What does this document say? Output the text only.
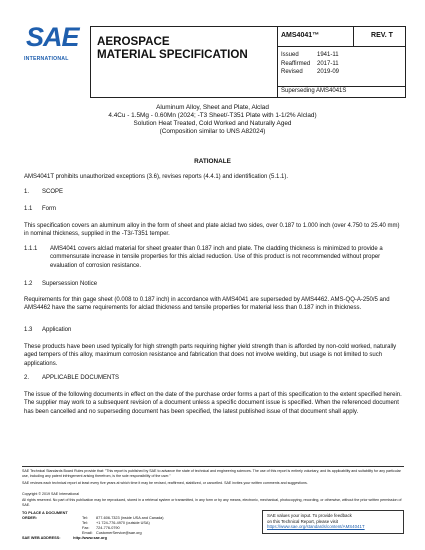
SAE
INTERNATIONAL
AEROSPACE
MATERIAL SPECIFICATION
AMS4041™	REV. T
Issued	1941-11
Reaffirmed 2017-11
Revised 2019-09
Superseding AMS4041S
Aluminum Alloy, Sheet and Plate, Alclad
4.4Cu - 1.5Mg - 0.60Mn (2024; -T3 Sheet/-T351 Plate with 1-1/2% Alclad)
Solution Heat Treated, Cold Worked and Naturally Aged
(Composition similar to UNS A82024)
RATIONALE
AMS4041T prohibits unauthorized exceptions (3.6), revises reports (4.4.1) and identification (5.1.1).
1. SCOPE
1.1 Form
This specification covers an aluminum alloy in the form of sheet and plate alclad two sides, over 0.187 to 1.000 inch (over 4.750 to 25.40 mm) in nominal thickness, supplied in the -T3/-T351 temper.
1.1.1 AMS4041 covers alclad material for sheet greater than 0.187 inch and plate. The cladding thickness is minimized to provide a commensurate increase in tensile properties for this alclad reduction. Use of this product is not recommended without proper evaluation of corrosion resistance.
1.2 Supersession Notice
Requirements for thin gage sheet (0.008 to 0.187 inch) in accordance with AMS4041 are superseded by AMS4462. AMS-QQ-A-250/5 and AMS4462 have the same requirements for alclad thickness and tensile properties for material less than 0.187 inch in thickness.
1.3 Application
These products have been used typically for high strength parts requiring higher yield strength than is afforded by non-cold worked, naturally aged tempers of this alloy, maximum corrosion resistance and fabrication that does not involve welding, but usage is not limited to such applications.
2. APPLICABLE DOCUMENTS
The issue of the following documents in effect on the date of the purchase order forms a part of this specification to the extent specified herein. The supplier may work to a subsequent revision of a document unless a specific document issue is specified. When the referenced document has been cancelled and no superseding document has been specified, the latest published issue of that document shall apply.
SAE Technical Standards Board Rules provide that: "This report is published by SAE to advance the state of technical and engineering sciences. The use of this report is entirely voluntary, and its applicability and suitability for any particular use, including any patent infringement arising therefrom, is the sole responsibility of the user."
SAE reviews each technical report at least every five years at which time it may be revised, reaffirmed, stabilized, or cancelled. SAE invites your written comments and suggestions.
Copyright © 2019 SAE International
All rights reserved. No part of this publication may be reproduced, stored in a retrieval system or transmitted, in any form or by any means, electronic, mechanical, photocopying, recording, or otherwise, without the prior written permission of SAE.
TO PLACE A DOCUMENT ORDER:	Tel: 877-606-7323 (inside USA and Canada)
Tel: +1 724-776-4970 (outside USA)
Fax: 724-776-0790
Email: CustomerService@sae.org
SAE values your input. To provide feedback
on this Technical Report, please visit
https://www.sae.org/standards/content/AMS4041T
SAE WEB ADDRESS:	http://www.sae.org
